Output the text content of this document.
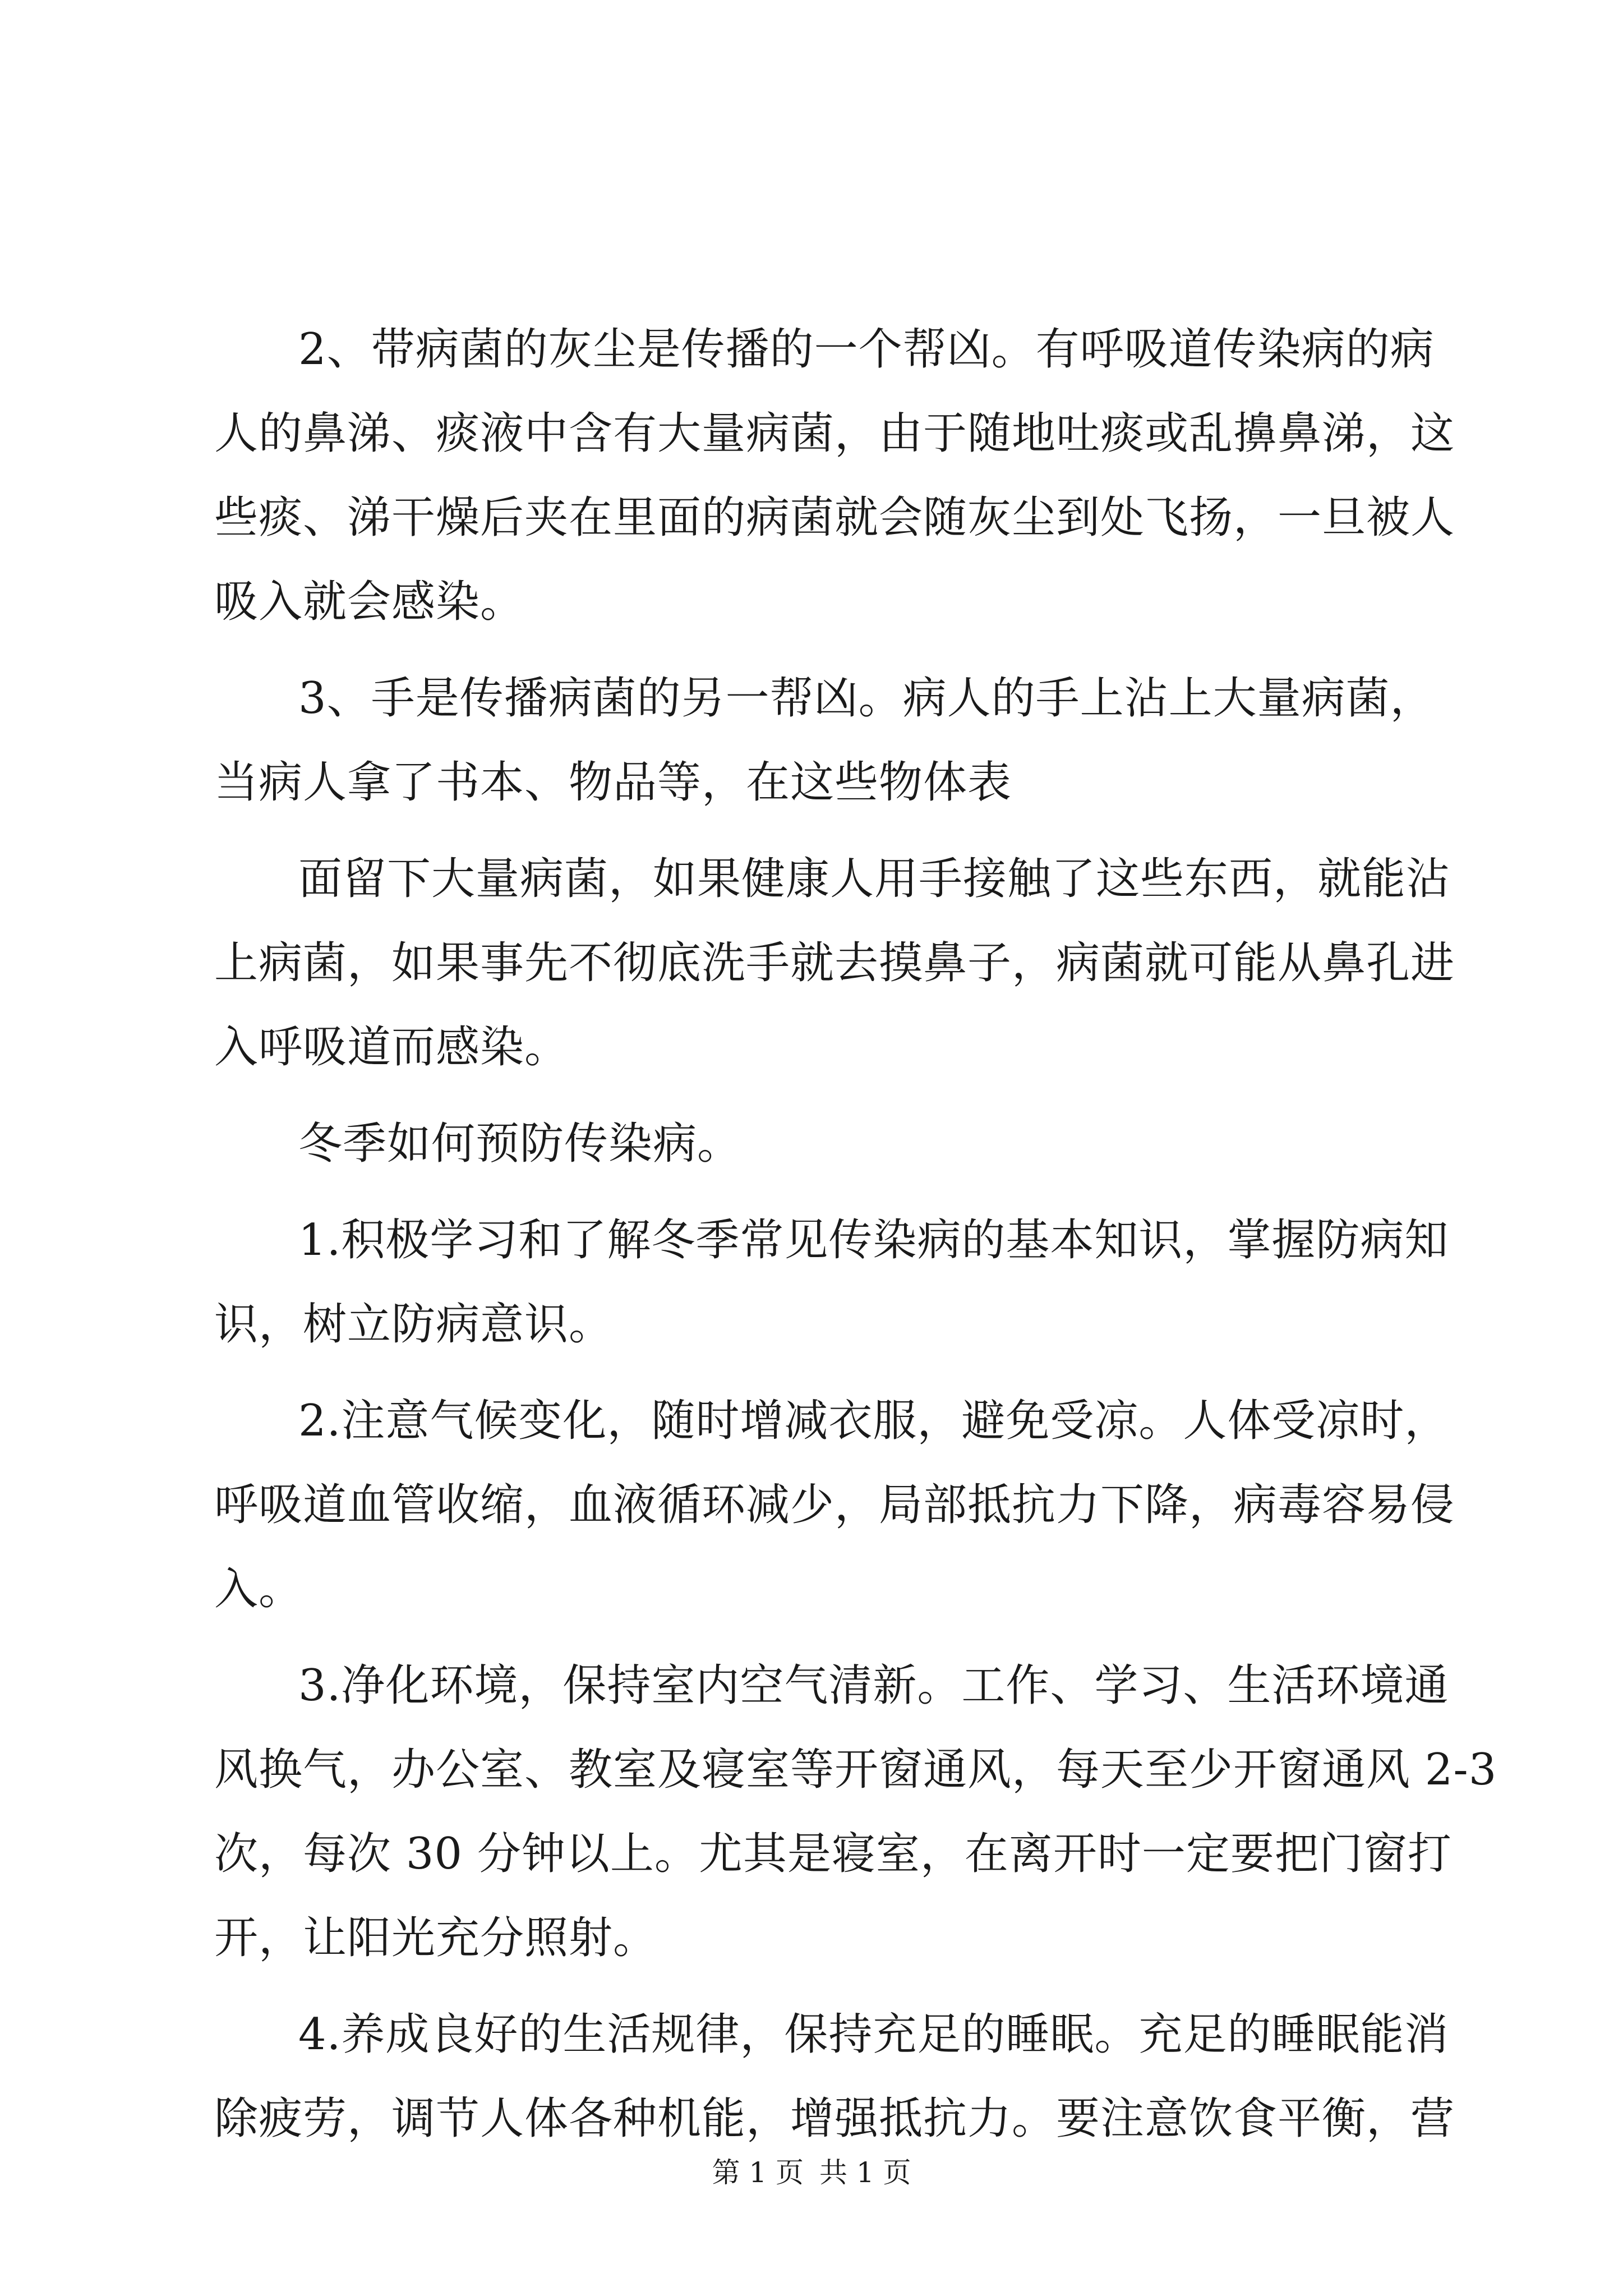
2、带病菌的灰尘是传播的一个帮凶。有呼吸道传染病的病
人的鼻涕、痰液中含有大量病菌，由于随地吐痰或乱擤鼻涕，这
些痰、涕干燥后夹在里面的病菌就会随灰尘到处飞扬，一旦被人
吸入就会感染。
3、手是传播病菌的另一帮凶。病人的手上沾上大量病菌，
当病人拿了书本、物品等，在这些物体表
面留下大量病菌，如果健康人用手接触了这些东西，就能沾
上病菌，如果事先不彻底洗手就去摸鼻子，病菌就可能从鼻孔进
入呼吸道而感染。
冬季如何预防传染病。
1.积极学习和了解冬季常见传染病的基本知识，掌握防病知
识，树立防病意识。
2.注意气候变化，随时增减衣服，避免受凉。人体受凉时，
呼吸道血管收缩，血液循环减少，局部抵抗力下降，病毒容易侵
入。
3.净化环境，保持室内空气清新。工作、学习、生活环境通
风换气，办公室、教室及寝室等开窗通风，每天至少开窗通风 2-3
次，每次 30 分钟以上。尤其是寝室，在离开时一定要把门窗打
开，让阳光充分照射。
4.养成良好的生活规律，保持充足的睡眠。充足的睡眠能消
除疲劳，调节人体各种机能，增强抵抗力。要注意饮食平衡，营
第 1 页 共 1 页
